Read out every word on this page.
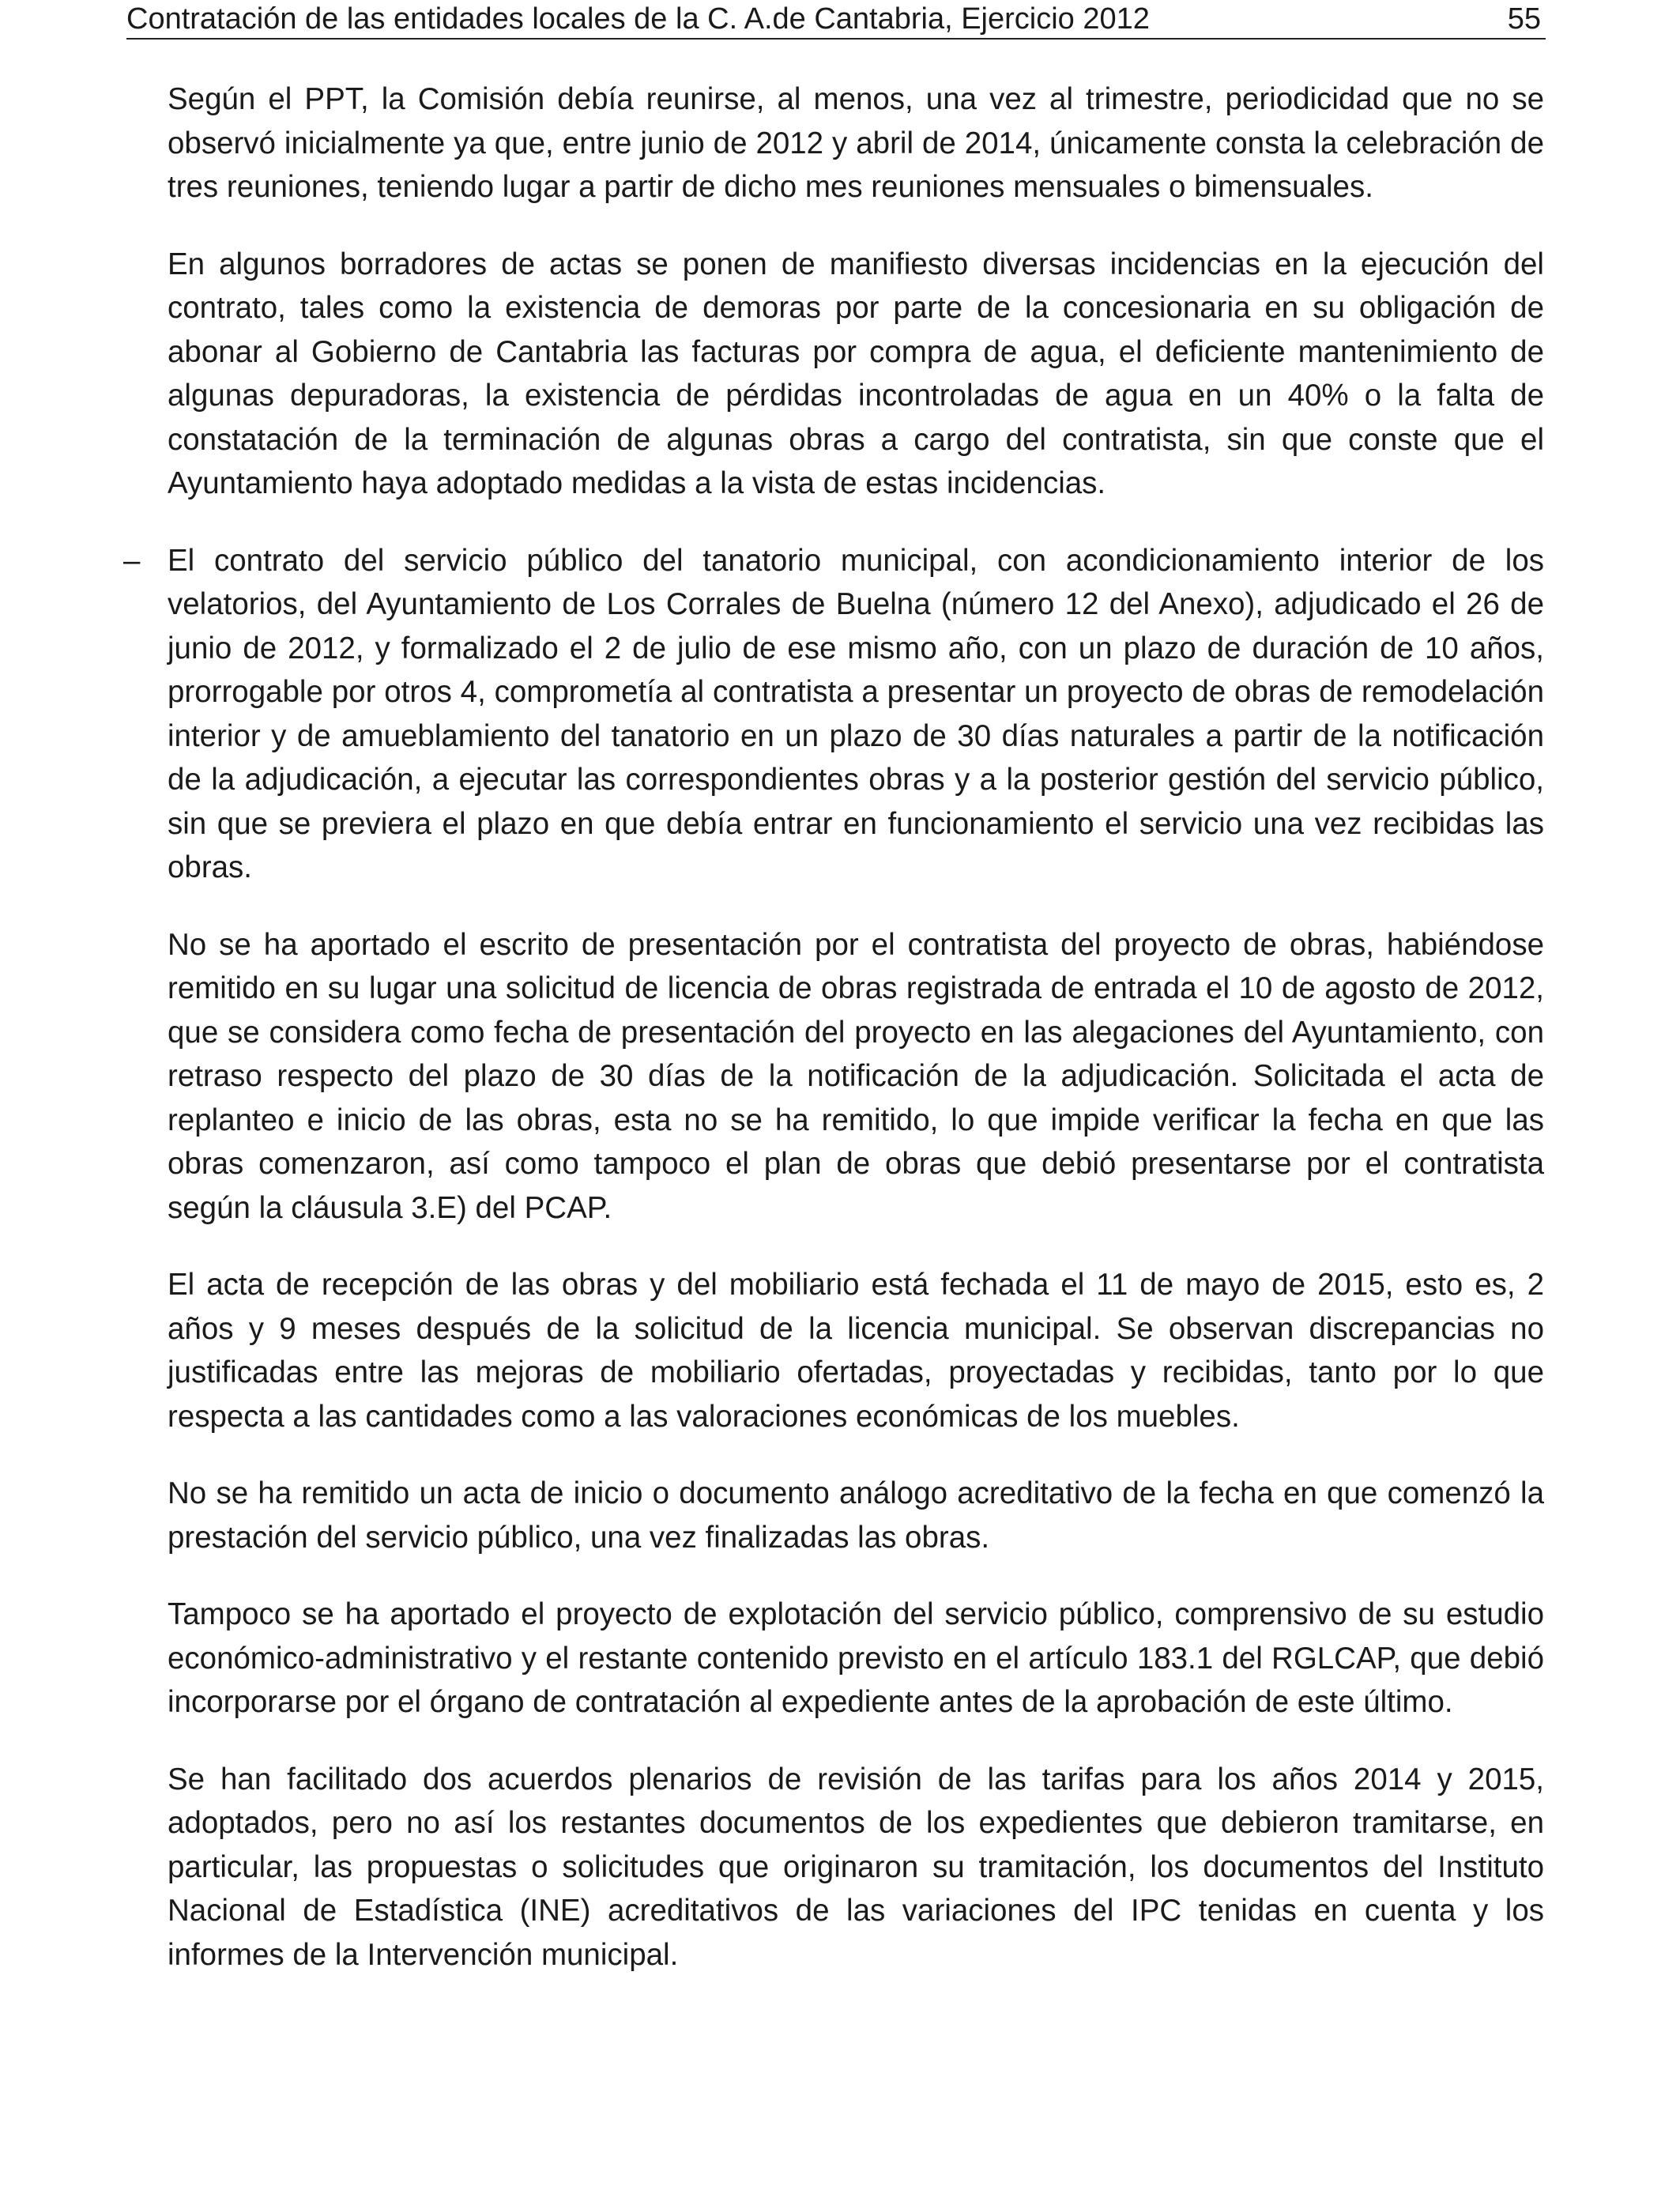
Contratación de las entidades locales de la C. A.de Cantabria, Ejercicio 2012	55

Según el PPT, la Comisión debía reunirse, al menos, una vez al trimestre, periodicidad que no se observó inicialmente ya que, entre junio de 2012 y abril de 2014, únicamente consta la celebración de tres reuniones, teniendo lugar a partir de dicho mes reuniones mensuales o bimensuales.

En algunos borradores de actas se ponen de manifiesto diversas incidencias en la ejecución del contrato, tales como la existencia de demoras por parte de la concesionaria en su obligación de abonar al Gobierno de Cantabria las facturas por compra de agua, el deficiente mantenimiento de algunas depuradoras, la existencia de pérdidas incontroladas de agua en un 40% o la falta de constatación de la terminación de algunas obras a cargo del contratista, sin que conste que el Ayuntamiento haya adoptado medidas a la vista de estas incidencias.

– El contrato del servicio público del tanatorio municipal, con acondicionamiento interior de los velatorios, del Ayuntamiento de Los Corrales de Buelna (número 12 del Anexo), adjudicado el 26 de junio de 2012, y formalizado el 2 de julio de ese mismo año, con un plazo de duración de 10 años, prorrogable por otros 4, comprometía al contratista a presentar un proyecto de obras de remodelación interior y de amueblamiento del tanatorio en un plazo de 30 días naturales a partir de la notificación de la adjudicación, a ejecutar las correspondientes obras y a la posterior gestión del servicio público, sin que se previera el plazo en que debía entrar en funcionamiento el servicio una vez recibidas las obras.

No se ha aportado el escrito de presentación por el contratista del proyecto de obras, habiéndose remitido en su lugar una solicitud de licencia de obras registrada de entrada el 10 de agosto de 2012, que se considera como fecha de presentación del proyecto en las alegaciones del Ayuntamiento, con retraso respecto del plazo de 30 días de la notificación de la adjudicación. Solicitada el acta de replanteo e inicio de las obras, esta no se ha remitido, lo que impide verificar la fecha en que las obras comenzaron, así como tampoco el plan de obras que debió presentarse por el contratista según la cláusula 3.E) del PCAP.

El acta de recepción de las obras y del mobiliario está fechada el 11 de mayo de 2015, esto es, 2 años y 9 meses después de la solicitud de la licencia municipal. Se observan discrepancias no justificadas entre las mejoras de mobiliario ofertadas, proyectadas y recibidas, tanto por lo que respecta a las cantidades como a las valoraciones económicas de los muebles.

No se ha remitido un acta de inicio o documento análogo acreditativo de la fecha en que comenzó la prestación del servicio público, una vez finalizadas las obras.

Tampoco se ha aportado el proyecto de explotación del servicio público, comprensivo de su estudio económico-administrativo y el restante contenido previsto en el artículo 183.1 del RGLCAP, que debió incorporarse por el órgano de contratación al expediente antes de la aprobación de este último.

Se han facilitado dos acuerdos plenarios de revisión de las tarifas para los años 2014 y 2015, adoptados, pero no así los restantes documentos de los expedientes que debieron tramitarse, en particular, las propuestas o solicitudes que originaron su tramitación, los documentos del Instituto Nacional de Estadística (INE) acreditativos de las variaciones del IPC tenidas en cuenta y los informes de la Intervención municipal.
